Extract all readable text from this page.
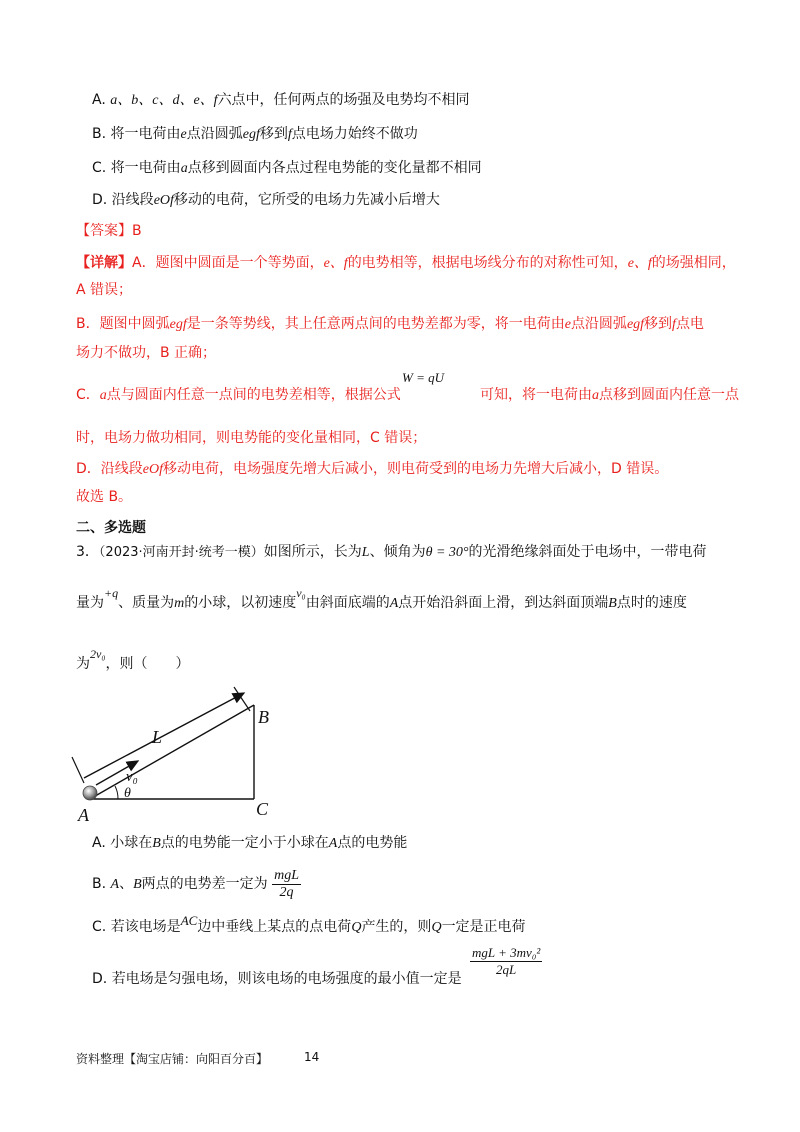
A. a、b、c、d、e、f六点中，任何两点的场强及电势均不相同
B. 将一电荷由e点沿圆弧egf移到f点电场力始终不做功
C. 将一电荷由a点移到圆面内各点过程电势能的变化量都不相同
D. 沿线段eOf移动的电荷，它所受的电场力先减小后增大
【答案】B
【详解】A．题图中圆面是一个等势面，e、f的电势相等，根据电场线分布的对称性可知，e、f的场强相同，
A 错误；
B．题图中圆弧egf是一条等势线，其上任意两点间的电势差都为零，将一电荷由e点沿圆弧egf移到f点电
场力不做功，B 正确；
C．a点与圆面内任意一点间的电势差相等，根据公式
W = qU
可知，将一电荷由a点移到圆面内任意一点
时，电场力做功相同，则电势能的变化量相同，C 错误；
D．沿线段eOf移动电荷，电场强度先增大后减小，则电荷受到的电场力先增大后减小，D 错误。
故选 B。
二、多选题
3．（2023·河南开封·统考一模）如图所示，长为L、倾角为θ = 30°的光滑绝缘斜面处于电场中，一带电荷
量为+q、质量为m的小球，以初速度v₀由斜面底端的A点开始沿斜面上滑，到达斜面顶端B点时的速度
为2v₀，则（　　）
L
B
v₀
θ
A	C
A. 小球在B点的电势能一定小于小球在A点的电势能
B. A、B两点的电势差一定为 $\frac{\text{mgL}}{2q}$
C. 若该电场是AC边中垂线上某点的点电荷Q产生的，则Q一定是正电荷
D. 若电场是匀强电场，则该电场的电场强度的最小值一定是
$\frac{\text{mgL + 3mv₀²}}{2qL}$
资料整理【淘宝店铺：向阳百分百】	14
